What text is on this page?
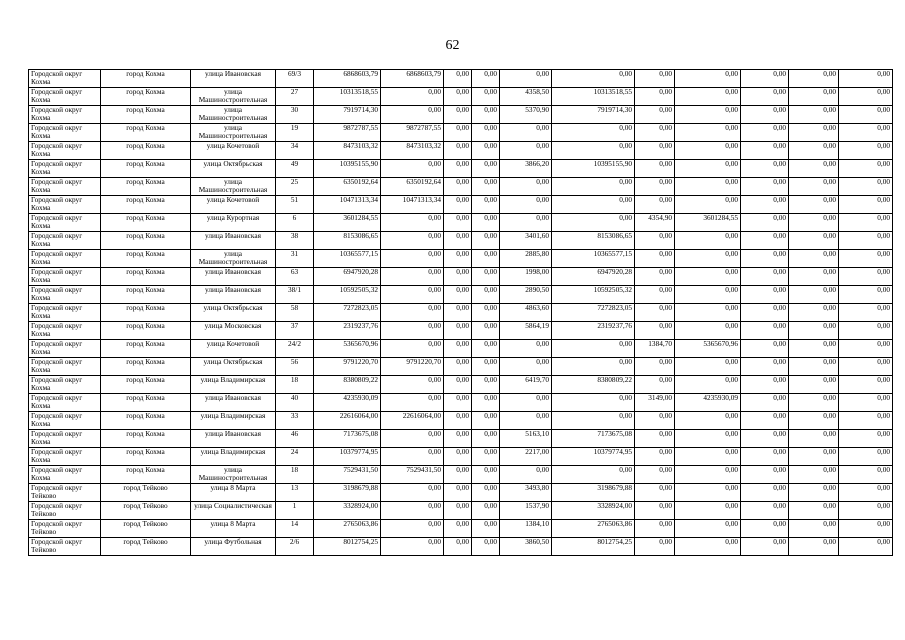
62
Городской округ Кохма	город Кохма	улица Ивановская	69/3	6868603,79	6868603,79	0,00	0,00	0,00	0,00	0,00	0,00	0,00	0,00	0,00
Городской округ Кохма	город Кохма	улица Машиностроительная	27	10313518,55	0,00	0,00	0,00	4358,50	10313518,55	0,00	0,00	0,00	0,00	0,00
Городской округ Кохма	город Кохма	улица Машиностроительная	30	7919714,30	0,00	0,00	0,00	5370,90	7919714,30	0,00	0,00	0,00	0,00	0,00
Городской округ Кохма	город Кохма	улица Машиностроительная	19	9872787,55	9872787,55	0,00	0,00	0,00	0,00	0,00	0,00	0,00	0,00	0,00
Городской округ Кохма	город Кохма	улица Кочетовой	34	8473103,32	8473103,32	0,00	0,00	0,00	0,00	0,00	0,00	0,00	0,00	0,00
Городской округ Кохма	город Кохма	улица Октябрьская	49	10395155,90	0,00	0,00	0,00	3866,20	10395155,90	0,00	0,00	0,00	0,00	0,00
Городской округ Кохма	город Кохма	улица Машиностроительная	25	6350192,64	6350192,64	0,00	0,00	0,00	0,00	0,00	0,00	0,00	0,00	0,00
Городской округ Кохма	город Кохма	улица Кочетовой	51	10471313,34	10471313,34	0,00	0,00	0,00	0,00	0,00	0,00	0,00	0,00	0,00
Городской округ Кохма	город Кохма	улица Курортная	6	3601284,55	0,00	0,00	0,00	0,00	0,00	4354,90	3601284,55	0,00	0,00	0,00
Городской округ Кохма	город Кохма	улица Ивановская	38	8153086,65	0,00	0,00	0,00	3401,60	8153086,65	0,00	0,00	0,00	0,00	0,00
Городской округ Кохма	город Кохма	улица Машиностроительная	31	10365577,15	0,00	0,00	0,00	2885,80	10365577,15	0,00	0,00	0,00	0,00	0,00
Городской округ Кохма	город Кохма	улица Ивановская	63	6947920,28	0,00	0,00	0,00	1998,00	6947920,28	0,00	0,00	0,00	0,00	0,00
Городской округ Кохма	город Кохма	улица Ивановская	38/1	10592505,32	0,00	0,00	0,00	2890,50	10592505,32	0,00	0,00	0,00	0,00	0,00
Городской округ Кохма	город Кохма	улица Октябрьская	58	7272823,05	0,00	0,00	0,00	4863,60	7272823,05	0,00	0,00	0,00	0,00	0,00
Городской округ Кохма	город Кохма	улица Московская	37	2319237,76	0,00	0,00	0,00	5864,19	2319237,76	0,00	0,00	0,00	0,00	0,00
Городской округ Кохма	город Кохма	улица Кочетовой	24/2	5365670,96	0,00	0,00	0,00	0,00	0,00	1384,70	5365670,96	0,00	0,00	0,00
Городской округ Кохма	город Кохма	улица Октябрьская	56	9791220,70	9791220,70	0,00	0,00	0,00	0,00	0,00	0,00	0,00	0,00	0,00
Городской округ Кохма	город Кохма	улица Владимирская	18	8380809,22	0,00	0,00	0,00	6419,70	8380809,22	0,00	0,00	0,00	0,00	0,00
Городской округ Кохма	город Кохма	улица Ивановская	40	4235930,09	0,00	0,00	0,00	0,00	0,00	3149,00	4235930,09	0,00	0,00	0,00
Городской округ Кохма	город Кохма	улица Владимирская	33	22616064,00	22616064,00	0,00	0,00	0,00	0,00	0,00	0,00	0,00	0,00	0,00
Городской округ Кохма	город Кохма	улица Ивановская	46	7173675,08	0,00	0,00	0,00	5163,10	7173675,08	0,00	0,00	0,00	0,00	0,00
Городской округ Кохма	город Кохма	улица Владимирская	24	10379774,95	0,00	0,00	0,00	2217,00	10379774,95	0,00	0,00	0,00	0,00	0,00
Городской округ Кохма	город Кохма	улица Машиностроительная	18	7529431,50	7529431,50	0,00	0,00	0,00	0,00	0,00	0,00	0,00	0,00	0,00
Городской округ Тейково	город Тейково	улица 8 Марта	13	3198679,88	0,00	0,00	0,00	3493,80	3198679,88	0,00	0,00	0,00	0,00	0,00
Городской округ Тейково	город Тейково	улица Социалистическая	1	3328924,00	0,00	0,00	0,00	1537,90	3328924,00	0,00	0,00	0,00	0,00	0,00
Городской округ Тейково	город Тейково	улица 8 Марта	14	2765063,86	0,00	0,00	0,00	1384,10	2765063,86	0,00	0,00	0,00	0,00	0,00
Городской округ Тейково	город Тейково	улица Футбольная	2/6	8012754,25	0,00	0,00	0,00	3860,50	8012754,25	0,00	0,00	0,00	0,00	0,00
